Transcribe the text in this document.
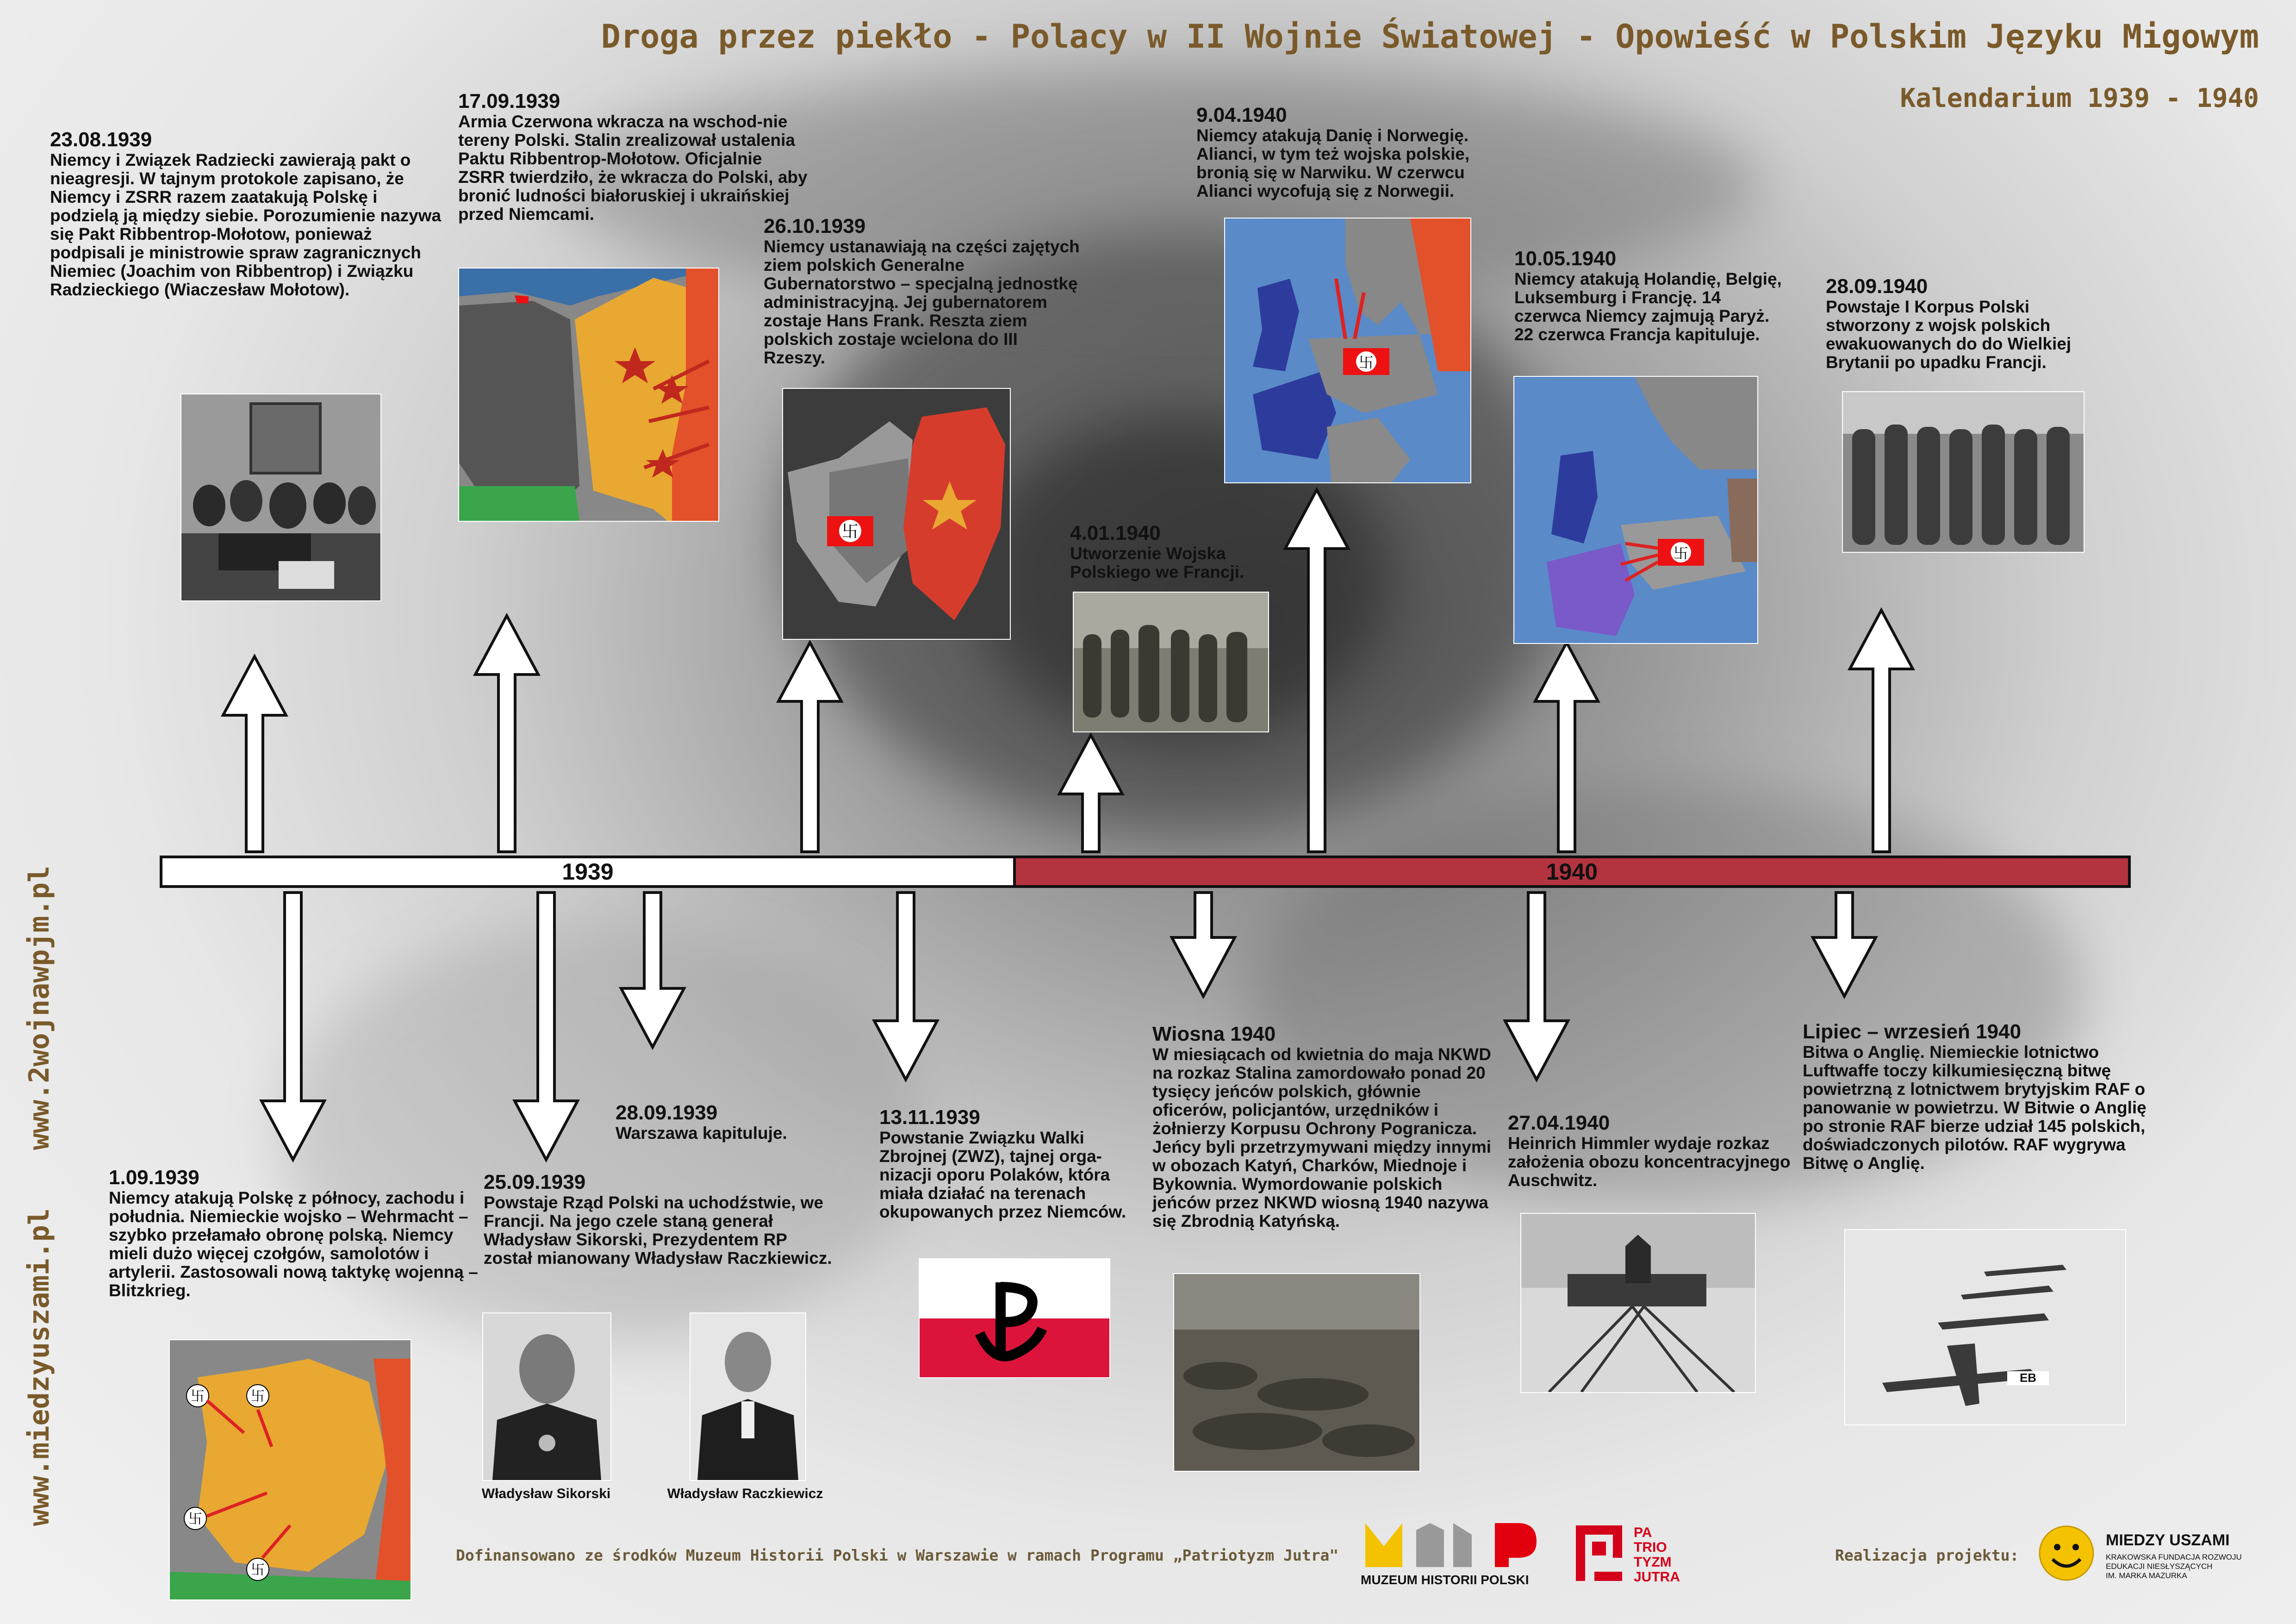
Droga przez piekło - Polacy w II Wojnie Światowej - Opowieść w Polskim Języku Migowym
Kalendarium 1939 - 1940
www.2wojnawpjm.pl
www.miedzyuszami.pl
1939	1940
23.08.1939
Niemcy i Związek Radziecki zawierają pakt o nieagresji. W tajnym protokole zapisano, że Niemcy i ZSRR razem zaatakują Polskę i podzielą ją między siebie. Porozumienie nazywa się Pakt Ribbentrop-Mołotow, ponieważ podpisali je ministrowie spraw zagranicznych Niemiec (Joachim von Ribbentrop) i Związku Radzieckiego (Wiaczesław Mołotow).
17.09.1939
Armia Czerwona wkracza na wschod-nie tereny Polski. Stalin zrealizował ustalenia Paktu Ribbentrop-Mołotow. Oficjalnie ZSRR twierdziło, że wkracza do Polski, aby bronić ludności białoruskiej i ukraińskiej przed Niemcami.
26.10.1939
Niemcy ustanawiają na części zajętych ziem polskich Generalne Gubernatorstwo – specjalną jednostkę administracyjną. Jej gubernatorem zostaje Hans Frank. Reszta ziem polskich zostaje wcielona do III Rzeszy.
4.01.1940
Utworzenie Wojska Polskiego we Francji.
9.04.1940
Niemcy atakują Danię i Norwegię. Alianci, w tym też wojska polskie, bronią się w Narwiku. W czerwcu Alianci wycofują się z Norwegii.
10.05.1940
Niemcy atakują Holandię, Belgię, Luksemburg i Francję. 14 czerwca Niemcy zajmują Paryż. 22 czerwca Francja kapituluje.
28.09.1940
Powstaje I Korpus Polski stworzony z wojsk polskich ewakuowanych do do Wielkiej Brytanii po upadku Francji.
1.09.1939
Niemcy atakują Polskę z północy, zachodu i południa. Niemieckie wojsko – Wehrmacht – szybko przełamało obronę polską. Niemcy mieli dużo więcej czołgów, samolotów i artylerii. Zastosowali nową taktykę wojenną – Blitzkrieg.
25.09.1939
Powstaje Rząd Polski na uchodźstwie, we Francji. Na jego czele staną generał Władysław Sikorski, Prezydentem RP został mianowany Władysław Raczkiewicz.
28.09.1939
Warszawa kapituluje.
13.11.1939
Powstanie Związku Walki Zbrojnej (ZWZ), tajnej orga-nizacji oporu Polaków, która miała działać na terenach okupowanych przez Niemców.
Wiosna 1940
W miesiącach od kwietnia do maja NKWD na rozkaz Stalina zamordowało ponad 20 tysięcy jeńców polskich, głównie oficerów, policjantów, urzędników i żołnierzy Korpusu Ochrony Pogranicza. Jeńcy byli przetrzymywani między innymi w obozach Katyń, Charków, Miednoje i Bykownia. Wymordowanie polskich jeńców przez NKWD wiosną 1940 nazywa się Zbrodnią Katyńską.
27.04.1940
Heinrich Himmler wydaje rozkaz założenia obozu koncentracyjnego Auschwitz.
Lipiec – wrzesień 1940
Bitwa o Anglię. Niemieckie lotnictwo Luftwaffe toczy kilkumiesięczną bitwę powietrzną z lotnictwem brytyjskim RAF o panowanie w powietrzu. W Bitwie o Anglię po stronie RAF bierze udział 145 polskich, doświadczonych pilotów. RAF wygrywa Bitwę o Anglię.
卐
☭
卐
卐
卐	卐
卐
卐
Władysław Sikorski	Władysław Raczkiewicz
EB
Dofinansowano ze środków Muzeum Historii Polski w Warszawie w ramach Programu „Patriotyzm Jutra"
MUZEUM HISTORII POLSKI
PA
TRIO
TYZM
JUTRA
Realizacja projektu:
MIEDZY USZAMI
KRAKOWSKA FUNDACJA ROZWOJU
EDUKACJI NIESŁYSZĄCYCH
IM. MARKA MAZURKA
